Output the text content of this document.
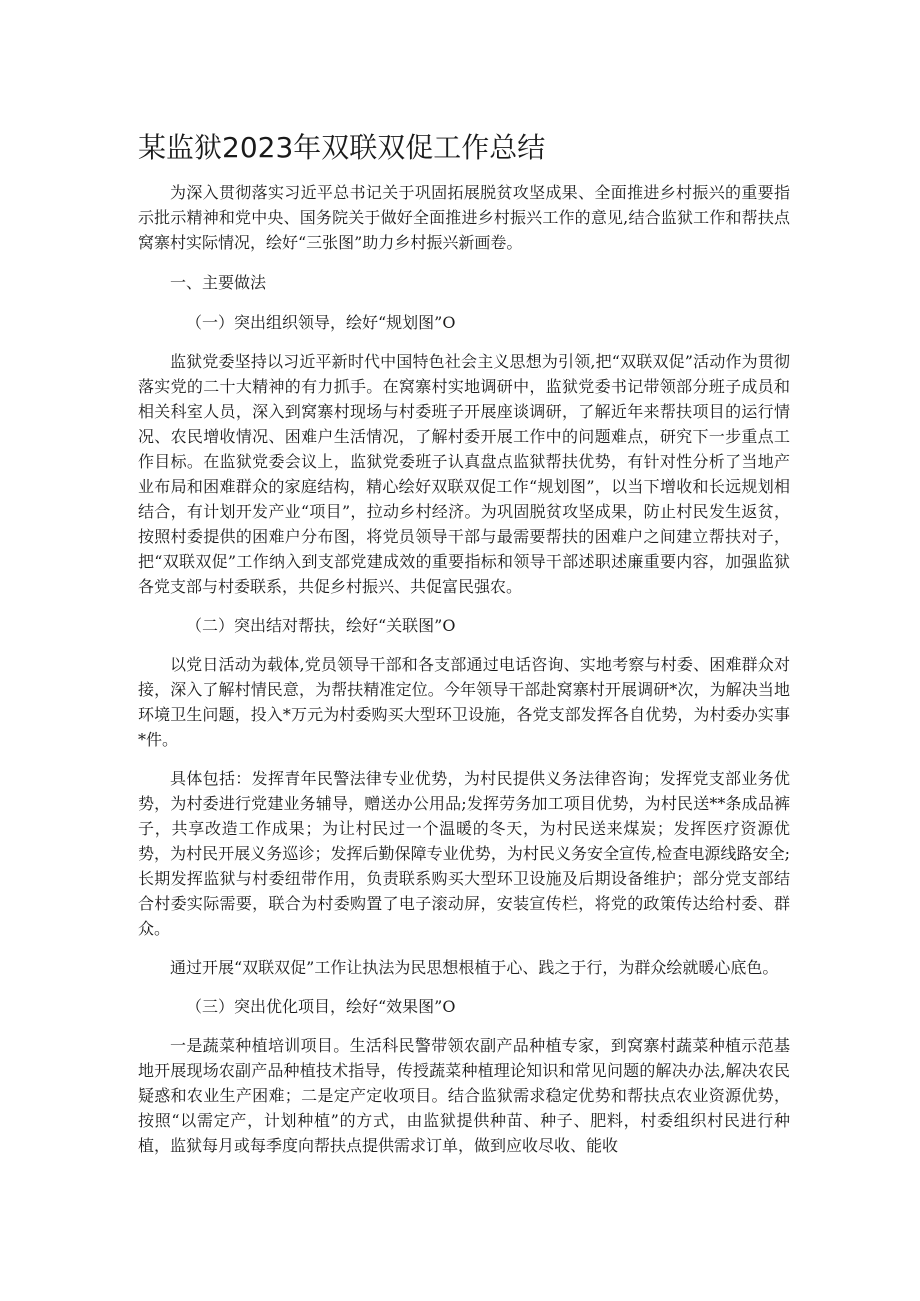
某监狱2023年双联双促工作总结

为深入贯彻落实习近平总书记关于巩固拓展脱贫攻坚成果、全面推进乡村振兴的重要指示批示精神和党中央、国务院关于做好全面推进乡村振兴工作的意见,结合监狱工作和帮扶点窝寨村实际情况，绘好“三张图”助力乡村振兴新画卷。

一、主要做法

（一）突出组织领导，绘好“规划图”O

监狱党委坚持以习近平新时代中国特色社会主义思想为引领,把“双联双促”活动作为贯彻落实党的二十大精神的有力抓手。在窝寨村实地调研中，监狱党委书记带领部分班子成员和相关科室人员，深入到窝寨村现场与村委班子开展座谈调研，了解近年来帮扶项目的运行情况、农民增收情况、困难户生活情况，了解村委开展工作中的问题难点，研究下一步重点工作目标。在监狱党委会议上，监狱党委班子认真盘点监狱帮扶优势，有针对性分析了当地产业布局和困难群众的家庭结构，精心绘好双联双促工作“规划图”，以当下增收和长远规划相结合，有计划开发产业“项目”，拉动乡村经济。为巩固脱贫攻坚成果，防止村民发生返贫，按照村委提供的困难户分布图，将党员领导干部与最需要帮扶的困难户之间建立帮扶对子，把“双联双促”工作纳入到支部党建成效的重要指标和领导干部述职述廉重要内容，加强监狱各党支部与村委联系，共促乡村振兴、共促富民强农。

（二）突出结对帮扶，绘好“关联图”O

以党日活动为载体,党员领导干部和各支部通过电话咨询、实地考察与村委、困难群众对接，深入了解村情民意，为帮扶精准定位。今年领导干部赴窝寨村开展调研*次，为解决当地环境卫生问题，投入*万元为村委购买大型环卫设施，各党支部发挥各自优势，为村委办实事*件。

具体包括：发挥青年民警法律专业优势，为村民提供义务法律咨询；发挥党支部业务优势，为村委进行党建业务辅导，赠送办公用品;发挥劳务加工项目优势，为村民送**条成品裤子，共享改造工作成果；为让村民过一个温暖的冬天，为村民送来煤炭；发挥医疗资源优势，为村民开展义务巡诊；发挥后勤保障专业优势，为村民义务安全宣传,检查电源线路安全;长期发挥监狱与村委纽带作用，负责联系购买大型环卫设施及后期设备维护；部分党支部结合村委实际需要，联合为村委购置了电子滚动屏，安装宣传栏，将党的政策传达给村委、群众。

通过开展“双联双促”工作让执法为民思想根植于心、践之于行，为群众绘就暖心底色。

（三）突出优化项目，绘好“效果图”O

一是蔬菜种植培训项目。生活科民警带领农副产品种植专家，到窝寨村蔬菜种植示范基地开展现场农副产品种植技术指导，传授蔬菜种植理论知识和常见问题的解决办法,解决农民疑惑和农业生产困难；二是定产定收项目。结合监狱需求稳定优势和帮扶点农业资源优势，按照“以需定产，计划种植”的方式，由监狱提供种苗、种子、肥料，村委组织村民进行种植，监狱每月或每季度向帮扶点提供需求订单，做到应收尽收、能收
